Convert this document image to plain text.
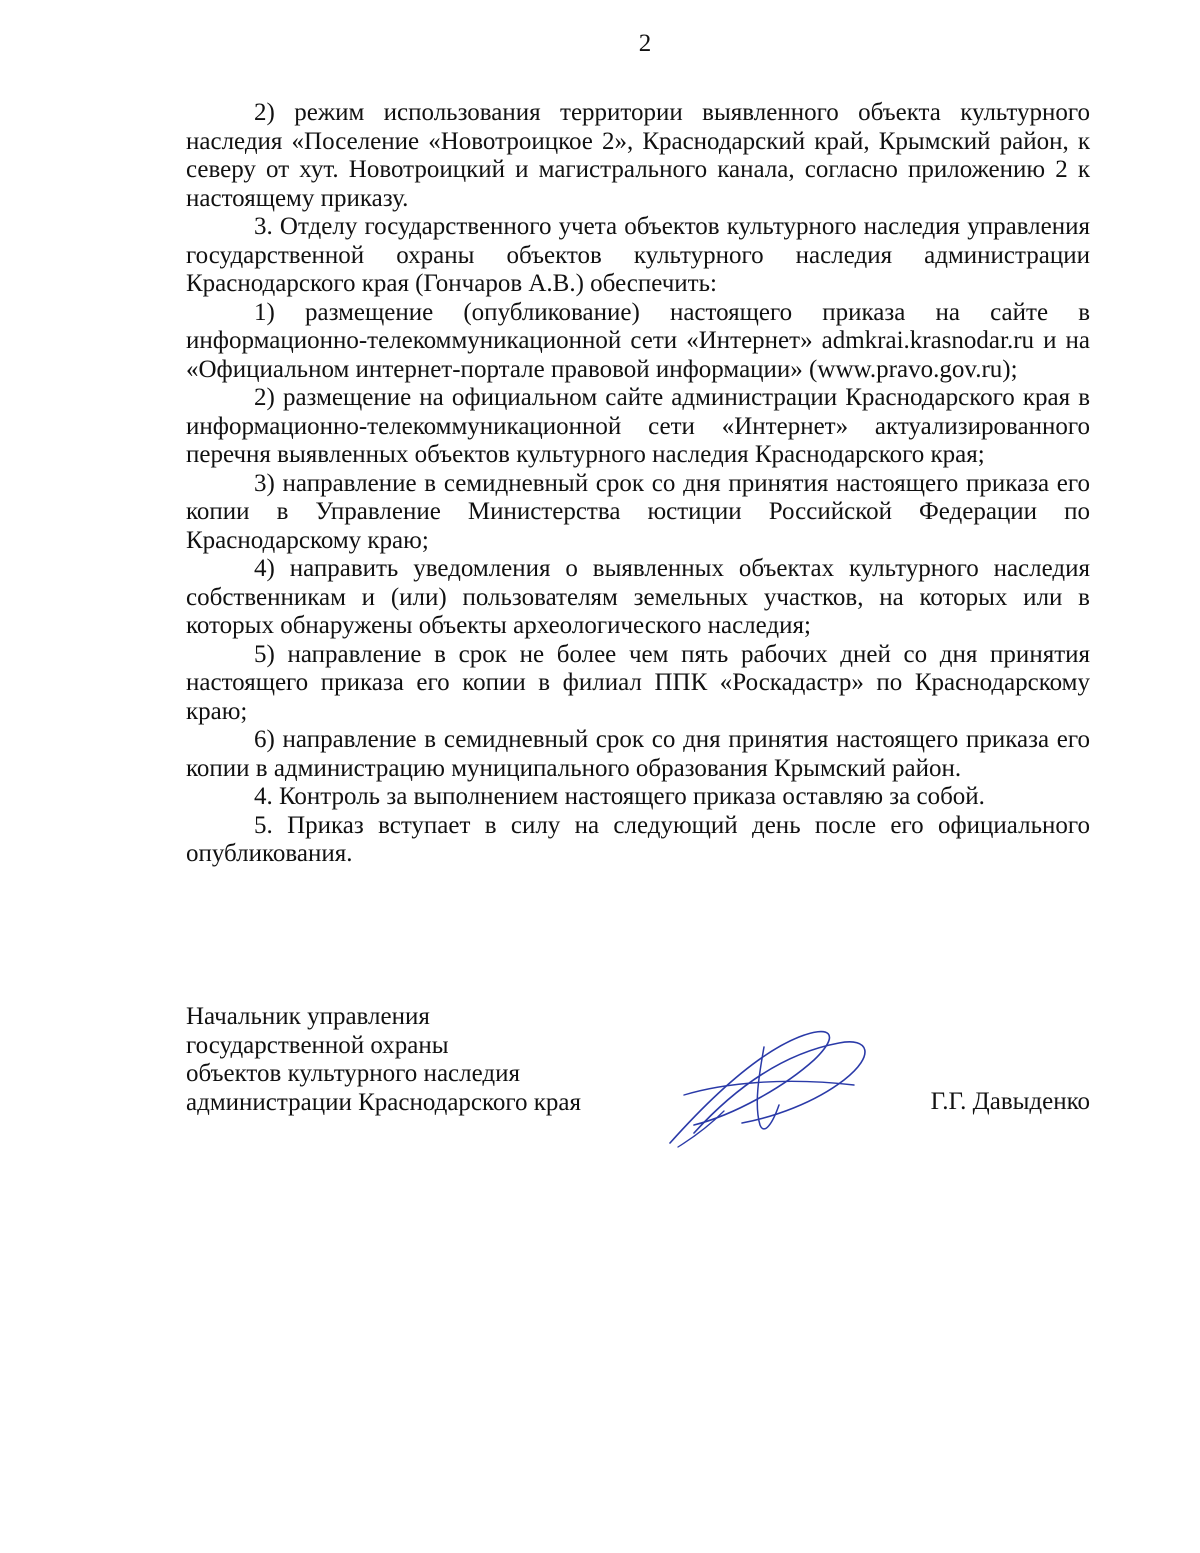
2

2) режим использования территории выявленного объекта культурного наследия «Поселение «Новотроицкое 2», Краснодарский край, Крымский район, к северу от хут. Новотроицкий и магистрального канала, согласно приложению 2 к настоящему приказу.

3. Отделу государственного учета объектов культурного наследия управления государственной охраны объектов культурного наследия администрации Краснодарского края (Гончаров А.В.) обеспечить:

1) размещение (опубликование) настоящего приказа на сайте в информационно-телекоммуникационной сети «Интернет» admkrai.krasnodar.ru и на «Официальном интернет-портале правовой информации» (www.pravo.gov.ru);

2) размещение на официальном сайте администрации Краснодарского края в информационно-телекоммуникационной сети «Интернет» актуализированного перечня выявленных объектов культурного наследия Краснодарского края;

3) направление в семидневный срок со дня принятия настоящего приказа его копии в Управление Министерства юстиции Российской Федерации по Краснодарскому краю;

4) направить уведомления о выявленных объектах культурного наследия собственникам и (или) пользователям земельных участков, на которых или в которых обнаружены объекты археологического наследия;

5) направление в срок не более чем пять рабочих дней со дня принятия настоящего приказа его копии в филиал ППК «Роскадастр» по Краснодарскому краю;

6) направление в семидневный срок со дня принятия настоящего приказа его копии в администрацию муниципального образования Крымский район.

4. Контроль за выполнением настоящего приказа оставляю за собой.

5. Приказ вступает в силу на следующий день после его официального опубликования.

Начальник управления
государственной охраны
объектов культурного наследия
администрации Краснодарского края	Г.Г. Давыденко
